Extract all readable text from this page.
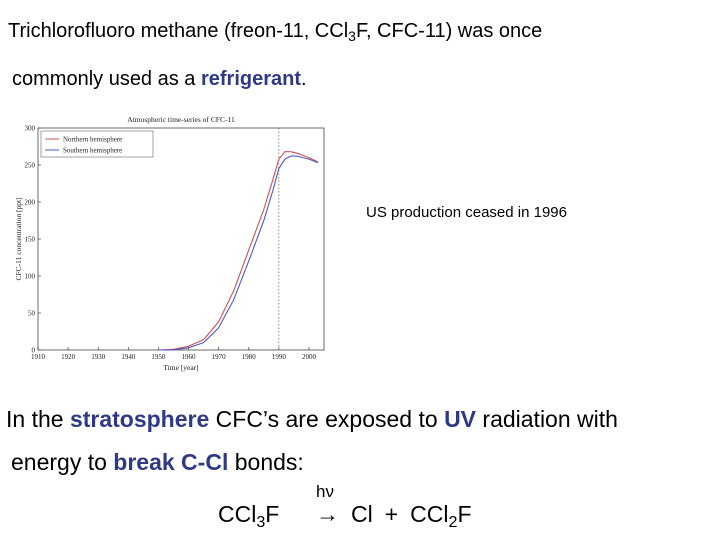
Trichlorofluoro methane (freon-11, CCl$_3$F, CFC-11) was once
commonly used as a refrigerant.
Atmospheric time-series of CFC-11
CFC-11 concentration [ppt]
Time [year]
1910 1920 1930 1940 1950 1960 1970 1980 1990 2000
0
50
100
150
200
250
300
Northern hemisphere
Southern hemisphere
US production ceased in 1996
In the stratosphere CFC’s are exposed to UV radiation with
energy to break C-Cl bonds:
hν
CCl$_3$F → Cl + CCl$_2$F
